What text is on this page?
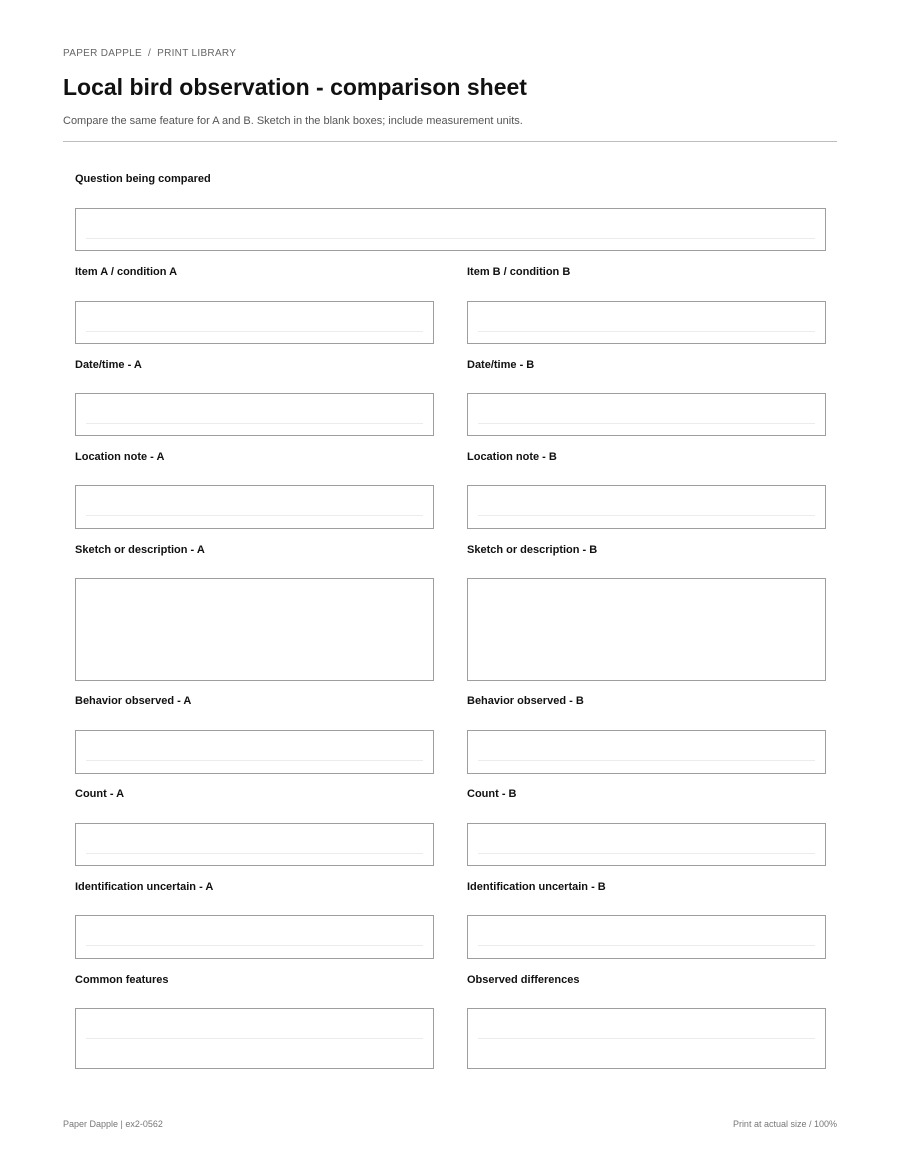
PAPER DAPPLE / PRINT LIBRARY
Local bird observation - comparison sheet
Compare the same feature for A and B. Sketch in the blank boxes; include measurement units.
Question being compared
Item A / condition A	Item B / condition B
Date/time - A	Date/time - B
Location note - A	Location note - B
Sketch or description - A	Sketch or description - B
Behavior observed - A	Behavior observed - B
Count - A	Count - B
Identification uncertain - A	Identification uncertain - B
Common features	Observed differences
Paper Dapple | ex2-0562	Print at actual size / 100%
